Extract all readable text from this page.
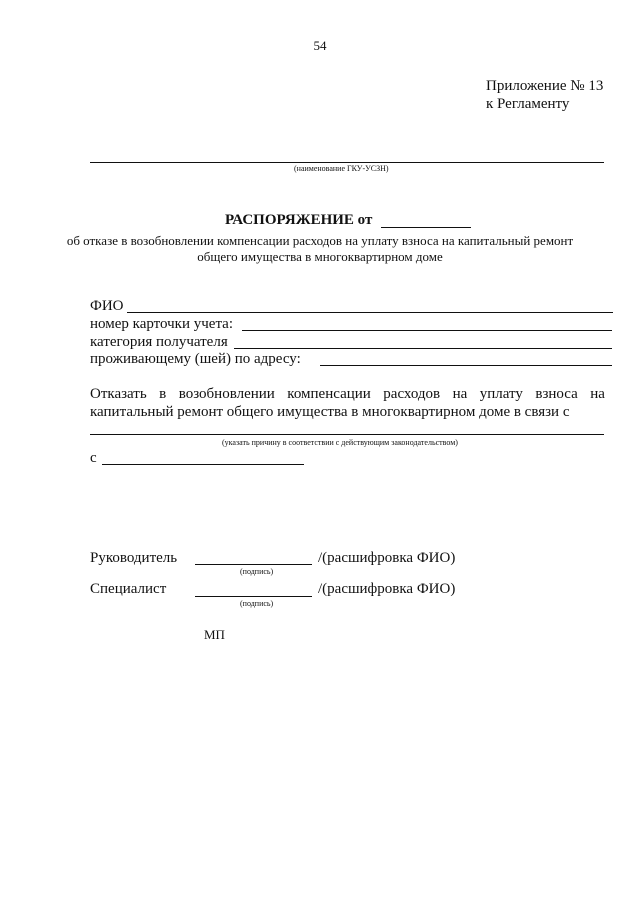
54
Приложение № 13
к Регламенту
(наименование ГКУ-УСЗН)
РАСПОРЯЖЕНИЕ от
об отказе в возобновлении компенсации расходов на уплату взноса на капитальный ремонт
общего имущества в многоквартирном доме
ФИО
номер карточки учета:
категория получателя
проживающему (шей) по адресу:
Отказать в возобновлении компенсации расходов на уплату взноса на
капитальный ремонт общего имущества в многоквартирном доме в связи с
(указать причину в соответствии с действующим законодательством)
с
Руководитель
(подпись)
/(расшифровка ФИО)
Специалист
(подпись)
/(расшифровка ФИО)
МП
